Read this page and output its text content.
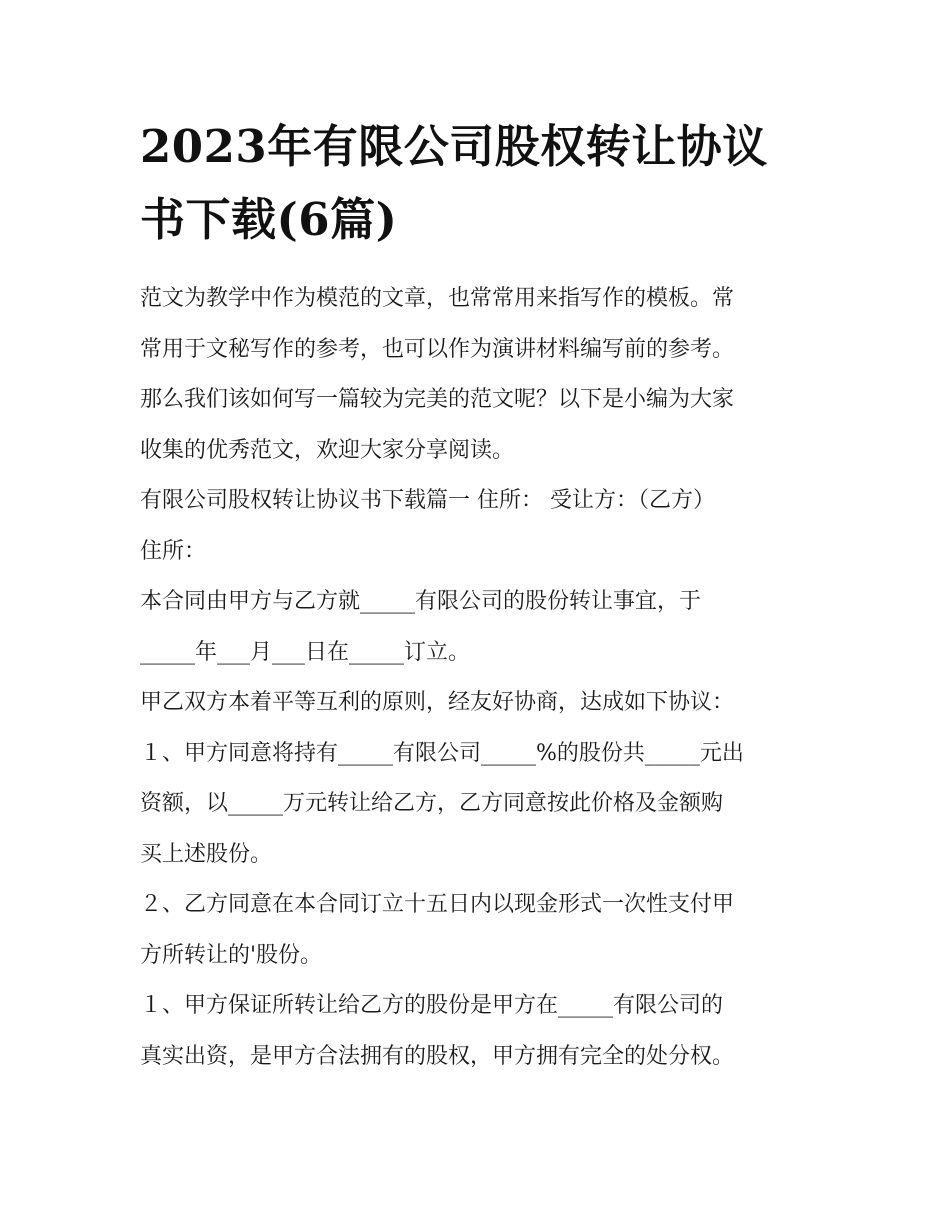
2023年有限公司股权转让协议
书下载(6篇)

范文为教学中作为模范的文章，也常常用来指写作的模板。常
常用于文秘写作的参考，也可以作为演讲材料编写前的参考。
那么我们该如何写一篇较为完美的范文呢？以下是小编为大家
收集的优秀范文，欢迎大家分享阅读。

有限公司股权转让协议书下载篇一 住所： 受让方：（乙方）
住所：

本合同由甲方与乙方就_____有限公司的股份转让事宜，于
_____年___月___日在_____订立。

甲乙双方本着平等互利的原则，经友好协商，达成如下协议：

１、甲方同意将持有_____有限公司_____%的股份共_____元出
资额，以_____万元转让给乙方，乙方同意按此价格及金额购
买上述股份。

２、乙方同意在本合同订立十五日内以现金形式一次性支付甲
方所转让的'股份。

１、甲方保证所转让给乙方的股份是甲方在_____有限公司的
真实出资，是甲方合法拥有的股权，甲方拥有完全的处分权。
